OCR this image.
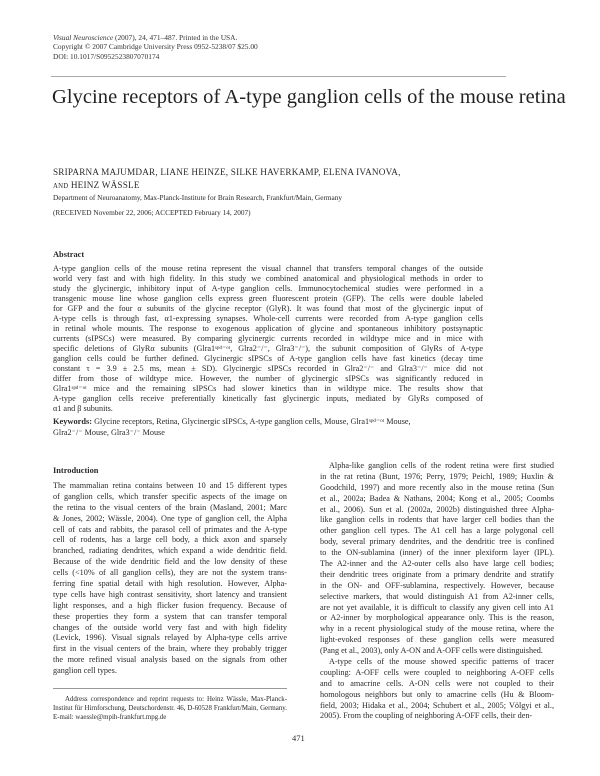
Visual Neuroscience (2007), 24, 471–487. Printed in the USA.
Copyright © 2007 Cambridge University Press 0952-5238/07 $25.00
DOI: 10.1017/S0952523807070174
Glycine receptors of A-type ganglion cells of the mouse retina
SRIPARNA MAJUMDAR, LIANE HEINZE, SILKE HAVERKAMP, ELENA IVANOVA,
AND HEINZ WÄSSLE
Department of Neuroanatomy, Max-Planck-Institute for Brain Research, Frankfurt/Main, Germany
(RECEIVED November 22, 2006; ACCEPTED February 14, 2007)
Abstract
A-type ganglion cells of the mouse retina represent the visual channel that transfers temporal changes of the outside
world very fast and with high fidelity. In this study we combined anatomical and physiological methods in order to
study the glycinergic, inhibitory input of A-type ganglion cells. Immunocytochemical studies were performed in a
transgenic mouse line whose ganglion cells express green fluorescent protein (GFP). The cells were double labeled
for GFP and the four α subunits of the glycine receptor (GlyR). It was found that most of the glycinergic input of
A-type cells is through fast, α1-expressing synapses. Whole-cell currents were recorded from A-type ganglion cells
in retinal whole mounts. The response to exogenous application of glycine and spontaneous inhibitory postsynaptic
currents (sIPSCs) were measured. By comparing glycinergic currents recorded in wildtype mice and in mice with
specific deletions of GlyRα subunits (Glra1ˢᵖᵈ⁻ᵒᵗ, Glra2⁻/⁻, Glra3⁻/⁻), the subunit composition of GlyRs of A-type
ganglion cells could be further defined. Glycinergic sIPSCs of A-type ganglion cells have fast kinetics (decay time
constant τ = 3.9 ± 2.5 ms, mean ± SD). Glycinergic sIPSCs recorded in Glra2⁻/⁻ and Glra3⁻/⁻ mice did not
differ from those of wildtype mice. However, the number of glycinergic sIPSCs was significantly reduced in
Glra1ˢᵖᵈ⁻ᵒᵗ mice and the remaining sIPSCs had slower kinetics than in wildtype mice. The results show that
A-type ganglion cells receive preferentially kinetically fast glycinergic inputs, mediated by GlyRs composed of
α1 and β subunits.
Keywords: Glycine receptors, Retina, Glycinergic sIPSCs, A-type ganglion cells, Mouse, Glra1ˢᵖᵈ⁻ᵒᵗ Mouse,
Glra2⁻/⁻ Mouse, Glra3⁻/⁻ Mouse
Introduction
The mammalian retina contains between 10 and 15 different types
of ganglion cells, which transfer specific aspects of the image on
the retina to the visual centers of the brain (Masland, 2001; Marc
& Jones, 2002; Wässle, 2004). One type of ganglion cell, the Alpha
cell of cats and rabbits, the parasol cell of primates and the A-type
cell of rodents, has a large cell body, a thick axon and sparsely
branched, radiating dendrites, which expand a wide dendritic field.
Because of the wide dendritic field and the low density of these
cells (<10% of all ganglion cells), they are not the system trans-
ferring fine spatial detail with high resolution. However, Alpha-
type cells have high contrast sensitivity, short latency and transient
light responses, and a high flicker fusion frequency. Because of
these properties they form a system that can transfer temporal
changes of the outside world very fast and with high fidelity
(Levick, 1996). Visual signals relayed by Alpha-type cells arrive
first in the visual centers of the brain, where they probably trigger
the more refined visual analysis based on the signals from other
ganglion cell types.
Alpha-like ganglion cells of the rodent retina were first studied
in the rat retina (Bunt, 1976; Perry, 1979; Peichl, 1989; Huxlin &
Goodchild, 1997) and more recently also in the mouse retina (Sun
et al., 2002a; Badea & Nathans, 2004; Kong et al., 2005; Coombs
et al., 2006). Sun et al. (2002a, 2002b) distinguished three Alpha-
like ganglion cells in rodents that have larger cell bodies than the
other ganglion cell types. The A1 cell has a large polygonal cell
body, several primary dendrites, and the dendritic tree is confined
to the ON-sublamina (inner) of the inner plexiform layer (IPL).
The A2-inner and the A2-outer cells also have large cell bodies;
their dendritic trees originate from a primary dendrite and stratify
in the ON- and OFF-sublamina, respectively. However, because
selective markers, that would distinguish A1 from A2-inner cells,
are not yet available, it is difficult to classify any given cell into A1
or A2-inner by morphological appearance only. This is the reason,
why in a recent physiological study of the mouse retina, where the
light-evoked responses of these ganglion cells were measured
(Pang et al., 2003), only A-ON and A-OFF cells were distinguished.
A-type cells of the mouse showed specific patterns of tracer
coupling: A-OFF cells were coupled to neighboring A-OFF cells
and to amacrine cells. A-ON cells were not coupled to their
homologous neighbors but only to amacrine cells (Hu & Bloom-
field, 2003; Hidaka et al., 2004; Schubert et al., 2005; Völgyi et al.,
2005). From the coupling of neighboring A-OFF cells, their den-
Address correspondence and reprint requests to: Heinz Wässle, Max-Planck-Institut für Hirnforschung, Deutschordenstr. 46, D-60528 Frankfurt/Main, Germany. E-mail: waessle@mpih-frankfurt.mpg.de
471
